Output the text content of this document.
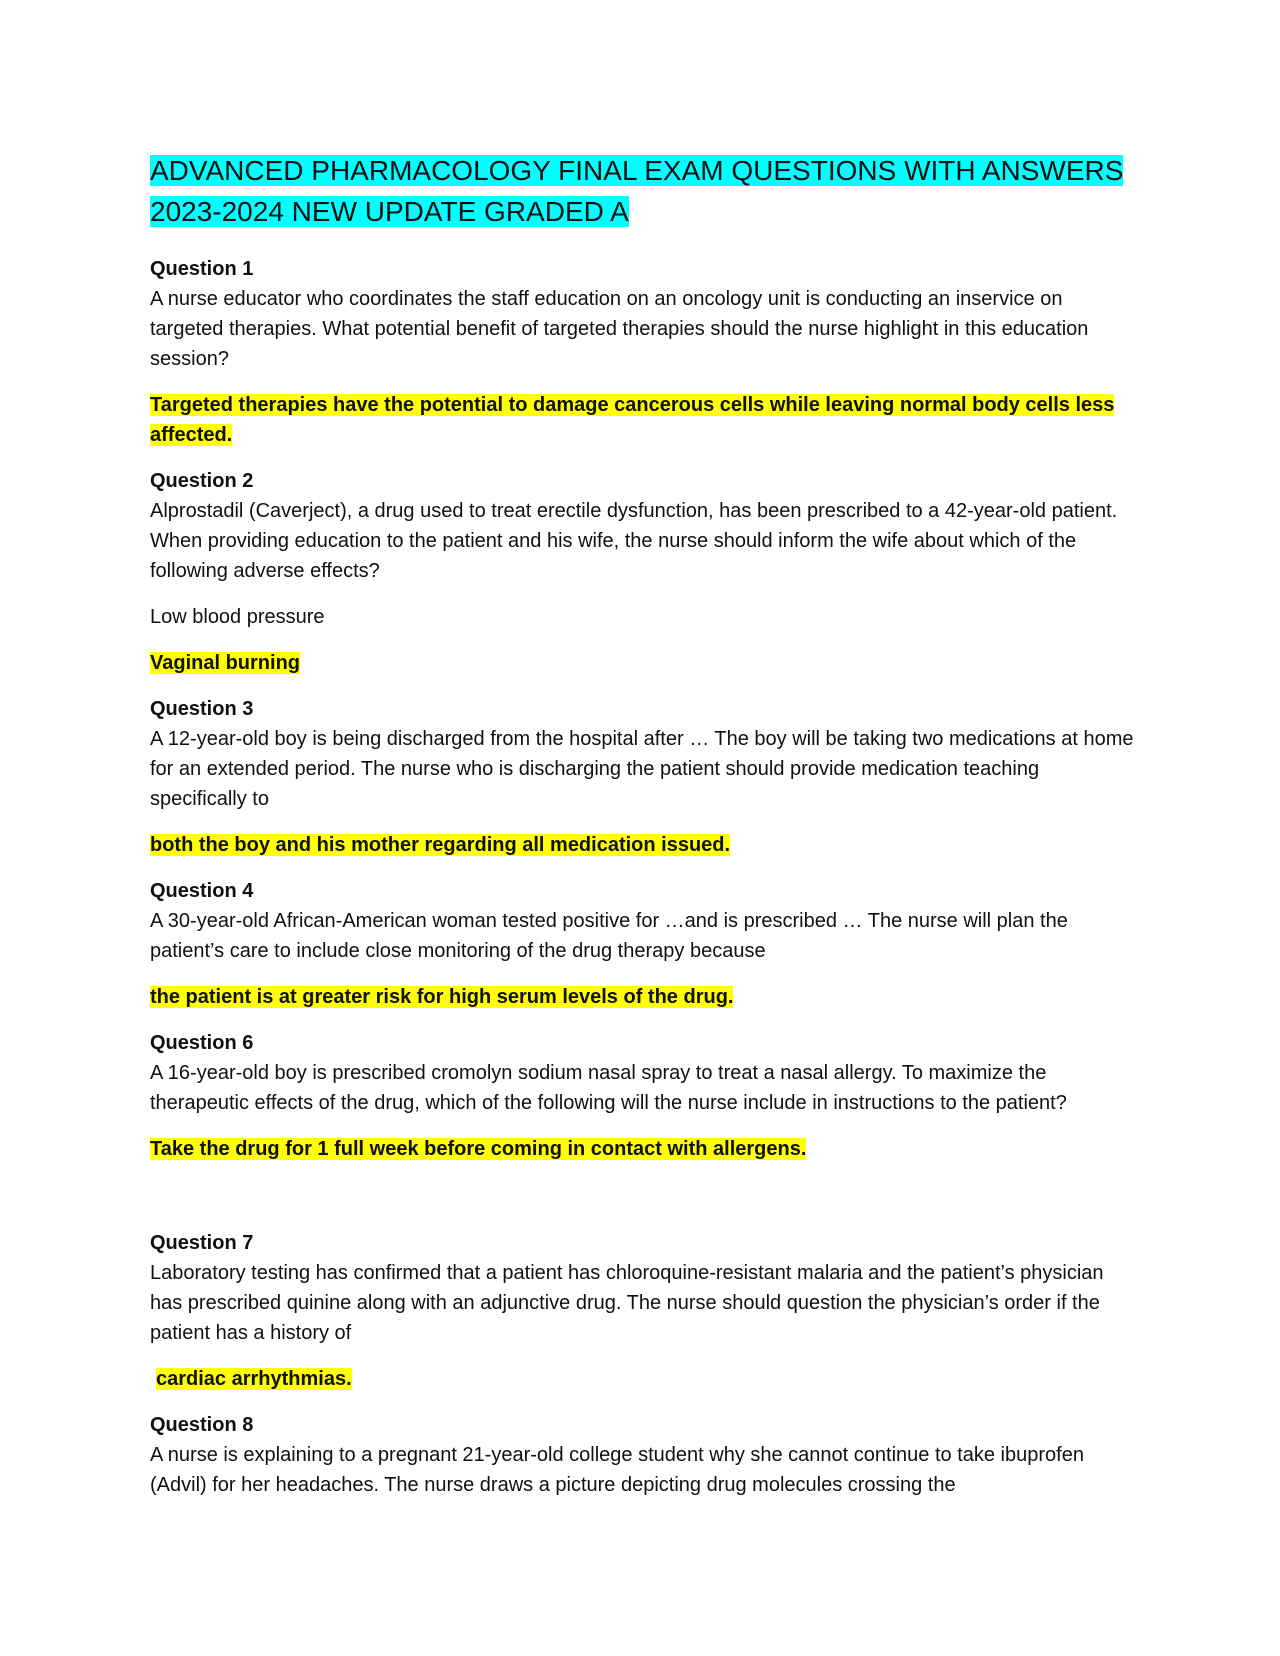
ADVANCED PHARMACOLOGY FINAL EXAM QUESTIONS WITH ANSWERS
2023-2024 NEW UPDATE GRADED A

Question 1

A nurse educator who coordinates the staff education on an oncology unit is conducting an inservice on targeted therapies. What potential benefit of targeted therapies should the nurse highlight in this education session?

Targeted therapies have the potential to damage cancerous cells while leaving normal body cells less affected.

Question 2

Alprostadil (Caverject), a drug used to treat erectile dysfunction, has been prescribed to a 42-year-old patient. When providing education to the patient and his wife, the nurse should inform the wife about which of the following adverse effects?

Low blood pressure

Vaginal burning

Question 3

A 12-year-old boy is being discharged from the hospital after … The boy will be taking two medications at home for an extended period. The nurse who is discharging the patient should provide medication teaching specifically to

both the boy and his mother regarding all medication issued.

Question 4

A 30-year-old African-American woman tested positive for …and is prescribed … The nurse will plan the patient’s care to include close monitoring of the drug therapy because

the patient is at greater risk for high serum levels of the drug.

Question 6

A 16-year-old boy is prescribed cromolyn sodium nasal spray to treat a nasal allergy. To maximize the therapeutic effects of the drug, which of the following will the nurse include in instructions to the patient?

Take the drug for 1 full week before coming in contact with allergens.

Question 7

Laboratory testing has confirmed that a patient has chloroquine-resistant malaria and the patient’s physician has prescribed quinine along with an adjunctive drug. The nurse should question the physician’s order if the patient has a history of

cardiac arrhythmias.

Question 8

A nurse is explaining to a pregnant 21-year-old college student why she cannot continue to take ibuprofen (Advil) for her headaches. The nurse draws a picture depicting drug molecules crossing the
